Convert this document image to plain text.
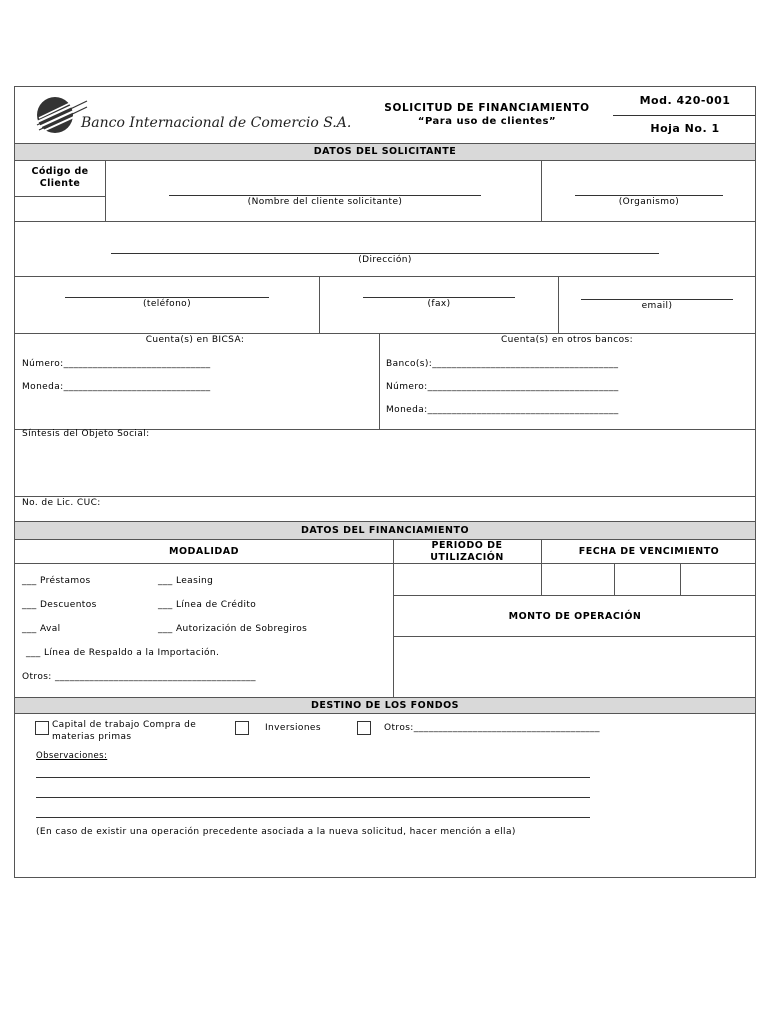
Banco Internacional de Comercio S.A.
SOLICITUD DE FINANCIAMIENTO
“Para uso de clientes”
Mod. 420-001
Hoja No. 1
DATOS DEL SOLICITANTE
Código de Cliente
(Nombre del cliente solicitante)	(Organismo)
(Dirección)
(teléfono)	(fax)	email)
Cuenta(s) en BICSA:	Cuenta(s) en otros bancos:
Número:______________________________
Moneda:______________________________
Banco(s):______________________________________
Número:_______________________________________
Moneda:_______________________________________
Síntesis del Objeto Social:
No. de Lic. CUC:
DATOS DEL FINANCIAMIENTO
MODALIDAD
PERIODO DE UTILIZACIÓN
FECHA DE VENCIMIENTO
MONTO DE OPERACIÓN
___ Préstamos	___ Leasing
___ Descuentos	___ Línea de Crédito
___ Aval	___ Autorización de Sobregiros
___ Línea de Respaldo a la Importación.
Otros: _________________________________________
DESTINO DE LOS FONDOS
Capital de trabajo Compra de materias primas
Inversiones	Otros:______________________________________
Observaciones:
(En caso de existir una operación precedente asociada a la nueva solicitud, hacer mención a ella)
